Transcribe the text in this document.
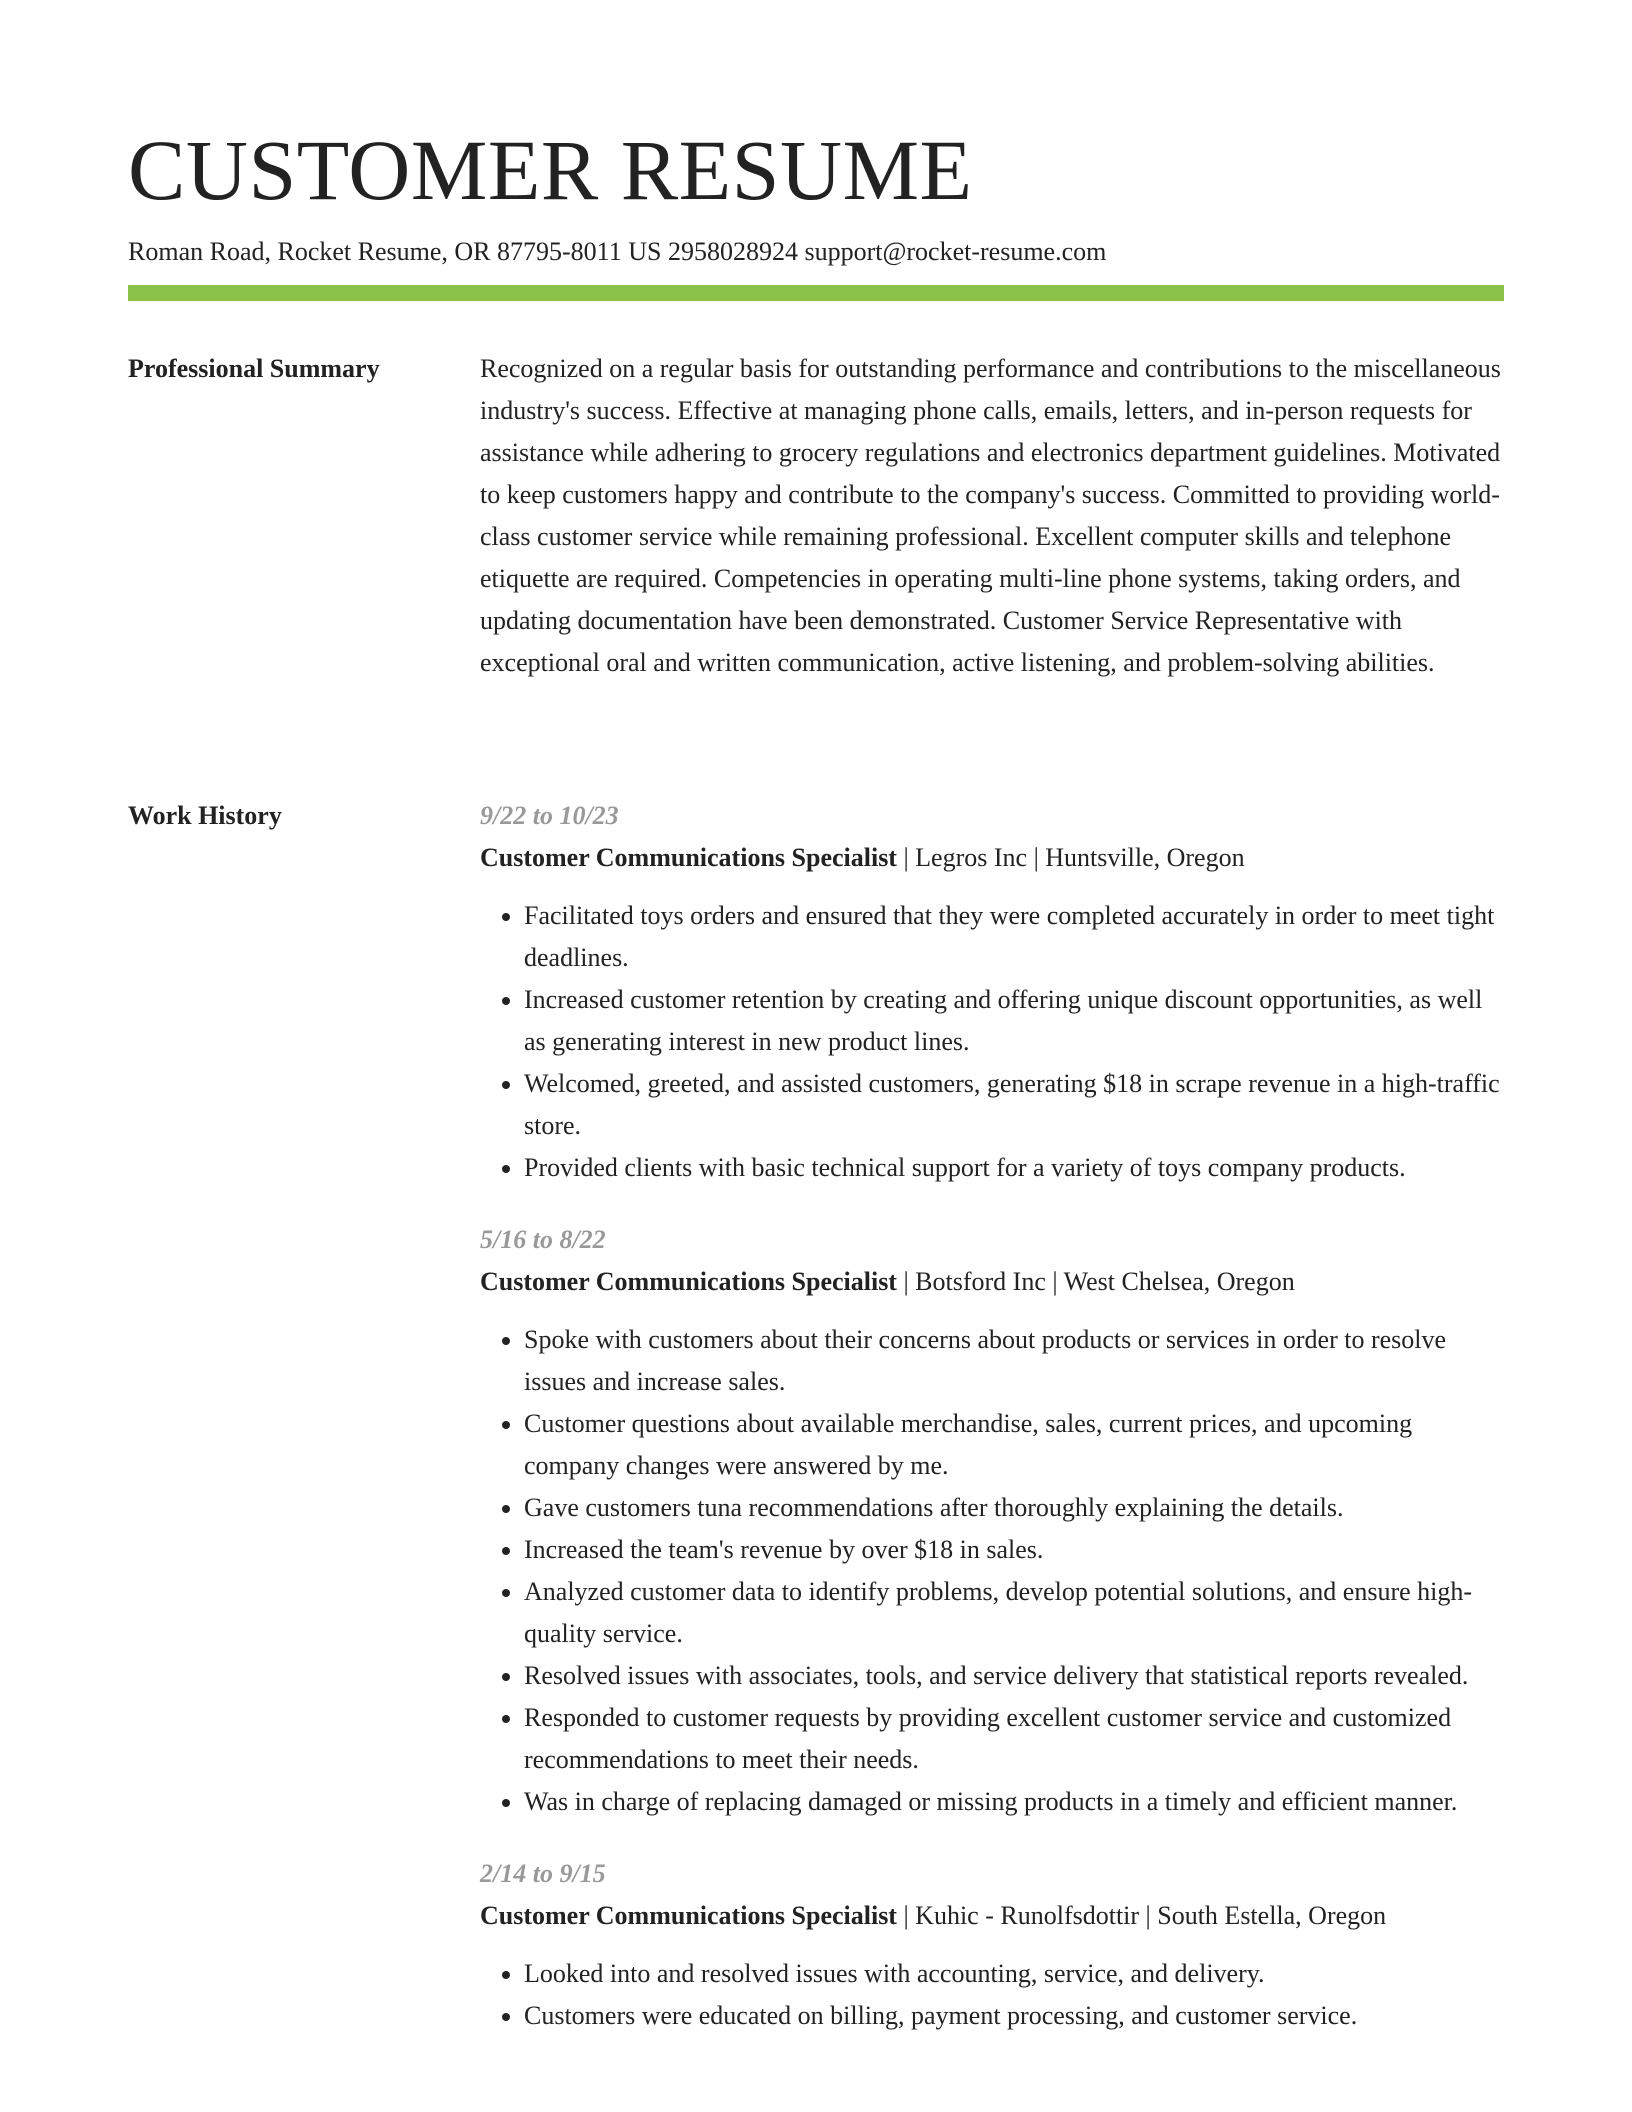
CUSTOMER RESUME
Roman Road, Rocket Resume, OR 87795-8011 US 2958028924 support@rocket-resume.com
Professional Summary	Recognized on a regular basis for outstanding performance and contributions to the miscellaneous industry's success. Effective at managing phone calls, emails, letters, and in-person requests for assistance while adhering to grocery regulations and electronics department guidelines. Motivated to keep customers happy and contribute to the company's success. Committed to providing world-class customer service while remaining professional. Excellent computer skills and telephone etiquette are required. Competencies in operating multi-line phone systems, taking orders, and updating documentation have been demonstrated. Customer Service Representative with exceptional oral and written communication, active listening, and problem-solving abilities.

Work History	9/22 to 10/23
Customer Communications Specialist | Legros Inc | Huntsville, Oregon
• Facilitated toys orders and ensured that they were completed accurately in order to meet tight deadlines.
• Increased customer retention by creating and offering unique discount opportunities, as well as generating interest in new product lines.
• Welcomed, greeted, and assisted customers, generating $18 in scrape revenue in a high-traffic store.
• Provided clients with basic technical support for a variety of toys company products.
5/16 to 8/22
Customer Communications Specialist | Botsford Inc | West Chelsea, Oregon
• Spoke with customers about their concerns about products or services in order to resolve issues and increase sales.
• Customer questions about available merchandise, sales, current prices, and upcoming company changes were answered by me.
• Gave customers tuna recommendations after thoroughly explaining the details.
• Increased the team's revenue by over $18 in sales.
• Analyzed customer data to identify problems, develop potential solutions, and ensure high-quality service.
• Resolved issues with associates, tools, and service delivery that statistical reports revealed.
• Responded to customer requests by providing excellent customer service and customized recommendations to meet their needs.
• Was in charge of replacing damaged or missing products in a timely and efficient manner.
2/14 to 9/15
Customer Communications Specialist | Kuhic - Runolfsdottir | South Estella, Oregon
• Looked into and resolved issues with accounting, service, and delivery.
• Customers were educated on billing, payment processing, and customer service.
